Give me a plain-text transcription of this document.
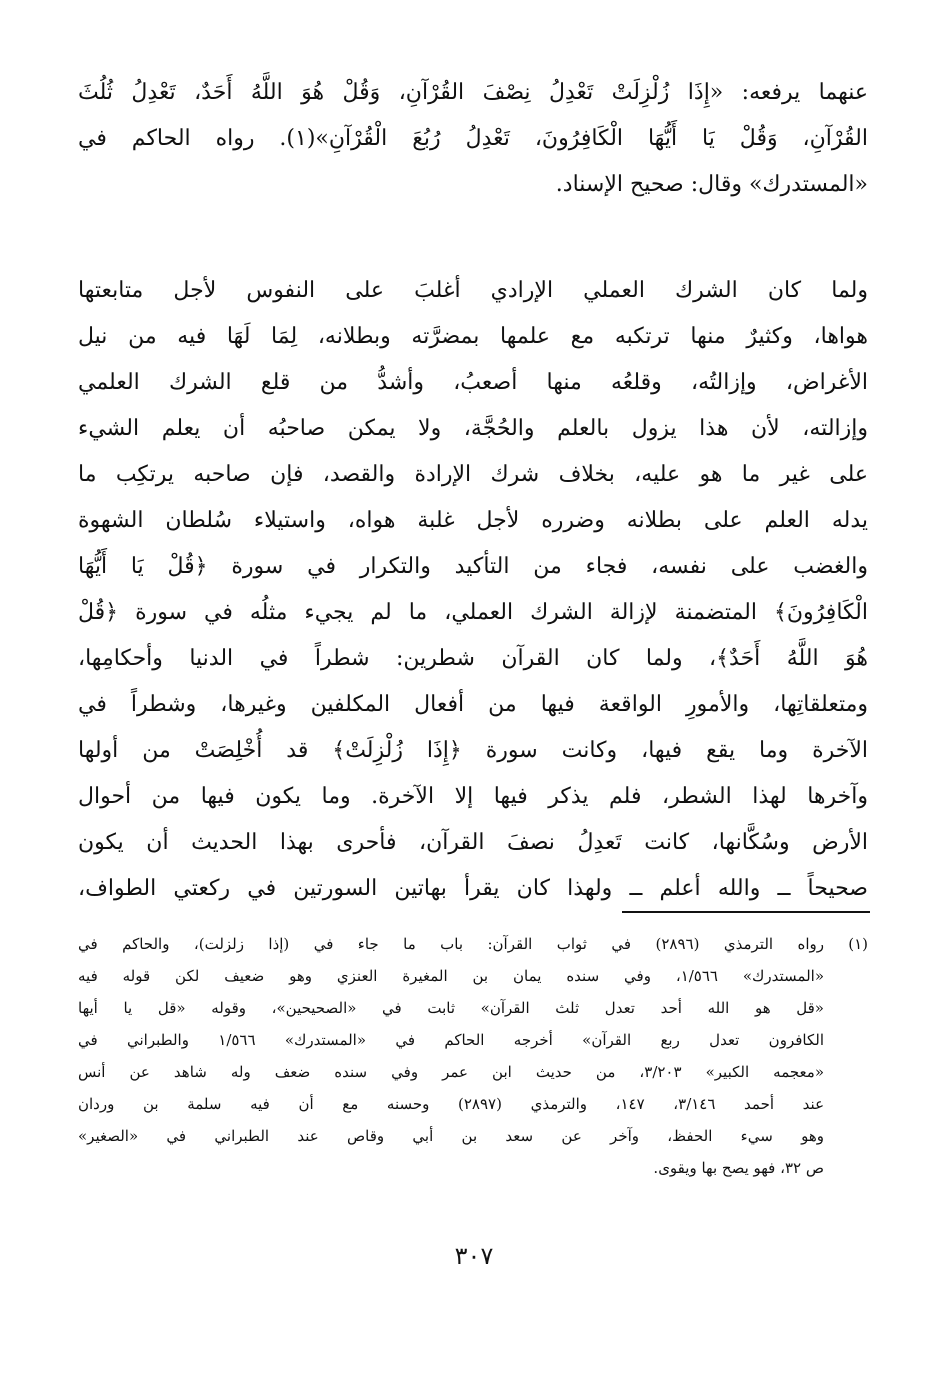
عنهما يرفعه: «إِذَا زُلْزِلَتْ تَعْدِلُ نِصْفَ القُرْآنِ، وَقُلْ هُوَ اللَّهُ أَحَدٌ، تَعْدِلُ ثُلُثَ
القُرْآنِ، وَقُلْ يَا أَيُّهَا الْكَافِرُونَ، تَعْدِلُ رُبُعَ الْقُرْآنِ»(١). رواه الحاكم في
«المستدرك» وقال: صحيح الإسناد.
ولما كان الشرك العملي الإرادي أغلبَ على النفوس لأجل متابعتها
هواها، وكثيرٌ منها ترتكبه مع علمها بمضرَّته وبطلانه، لِمَا لَهَا فيه من نيل
الأغراض، وإزالتُه، وقلعُه منها أصعبُ، وأشدُّ من قلع الشرك العلمي
وإزالته، لأن هذا يزول بالعلم والحُجَّة، ولا يمكن صاحبُه أن يعلم الشيء
على غير ما هو عليه، بخلاف شرك الإرادة والقصد، فإن صاحبه يرتكِب ما
يدله العلم على بطلانه وضرره لأجل غلبة هواه، واستيلاء سُلطان الشهوة
والغضب على نفسه، فجاء من التأكيد والتكرار في سورة ﴿قُلْ يَا أَيُّهَا
الْكَافِرُونَ﴾ المتضمنة لإزالة الشرك العملي، ما لم يجيء مثلُه في سورة ﴿قُلْ
هُوَ اللَّهُ أَحَدٌ﴾، ولما كان القرآن شطرين: شطراً في الدنيا وأحكامِها،
ومتعلقاتِها، والأمورِ الواقعة فيها من أفعال المكلفين وغيرها، وشطراً في
الآخرة وما يقع فيها، وكانت سورة ﴿إِذَا زُلْزِلَتْ﴾ قد أُخْلِصَتْ من أولها
وآخرها لهذا الشطر، فلم يذكر فيها إلا الآخرة. وما يكون فيها من أحوال
الأرض وسُكَّانها، كانت تَعدِلُ نصفَ القرآن، فأحرى بهذا الحديث أن يكون
صحيحاً ــ والله أعلم ــ ولهذا كان يقرأ بهاتين السورتين في ركعتي الطواف،
(١)
رواه الترمذي (٢٨٩٦) في ثواب القرآن: باب ما جاء في (إذا زلزلت)، والحاكم في
«المستدرك» ١/٥٦٦، وفي سنده يمان بن المغيرة العنزي وهو ضعيف لكن قوله فيه
«قل هو الله أحد تعدل ثلث القرآن» ثابت في «الصحيحين»، وقوله «قل يا أيها
الكافرون تعدل ربع القرآن» أخرجه الحاكم في «المستدرك» ١/٥٦٦ والطبراني في
«معجمه الكبير» ٣/٢٠٣، من حديث ابن عمر وفي سنده ضعف وله شاهد عن أنس
عند أحمد ٣/١٤٦، ١٤٧، والترمذي (٢٨٩٧) وحسنه مع أن فيه سلمة بن وردان
وهو سيء الحفظ، وآخر عن سعد بن أبي وقاص عند الطبراني في «الصغير»
ص ٣٢، فهو يصح بها ويقوى.
٣٠٧
